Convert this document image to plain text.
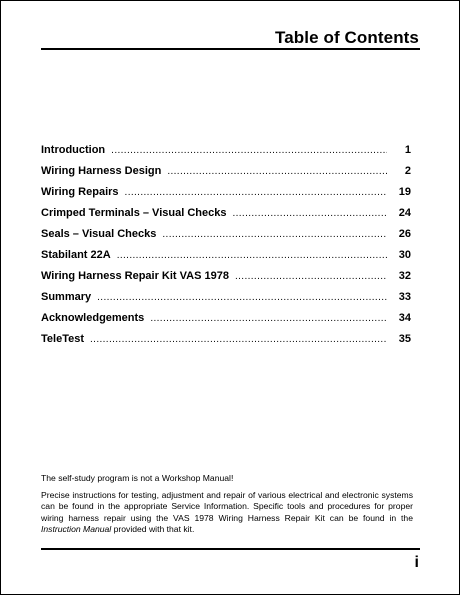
Table of Contents
Introduction . . .	1
Wiring Harness Design . . .	2
Wiring Repairs . . .	19
Crimped Terminals – Visual Checks . . .	24
Seals – Visual Checks . . .	26
Stabilant 22A . . .	30
Wiring Harness Repair Kit VAS 1978 . . .	32
Summary . . .	33
Acknowledgements . . .	34
TeleTest . . .	35

The self-study program is not a Workshop Manual!

Precise instructions for testing, adjustment and repair of various electrical and electronic systems can be found in the appropriate Service Information. Specific tools and procedures for proper wiring harness repair using the VAS 1978 Wiring Harness Repair Kit can be found in the Instruction Manual provided with that kit.

i
